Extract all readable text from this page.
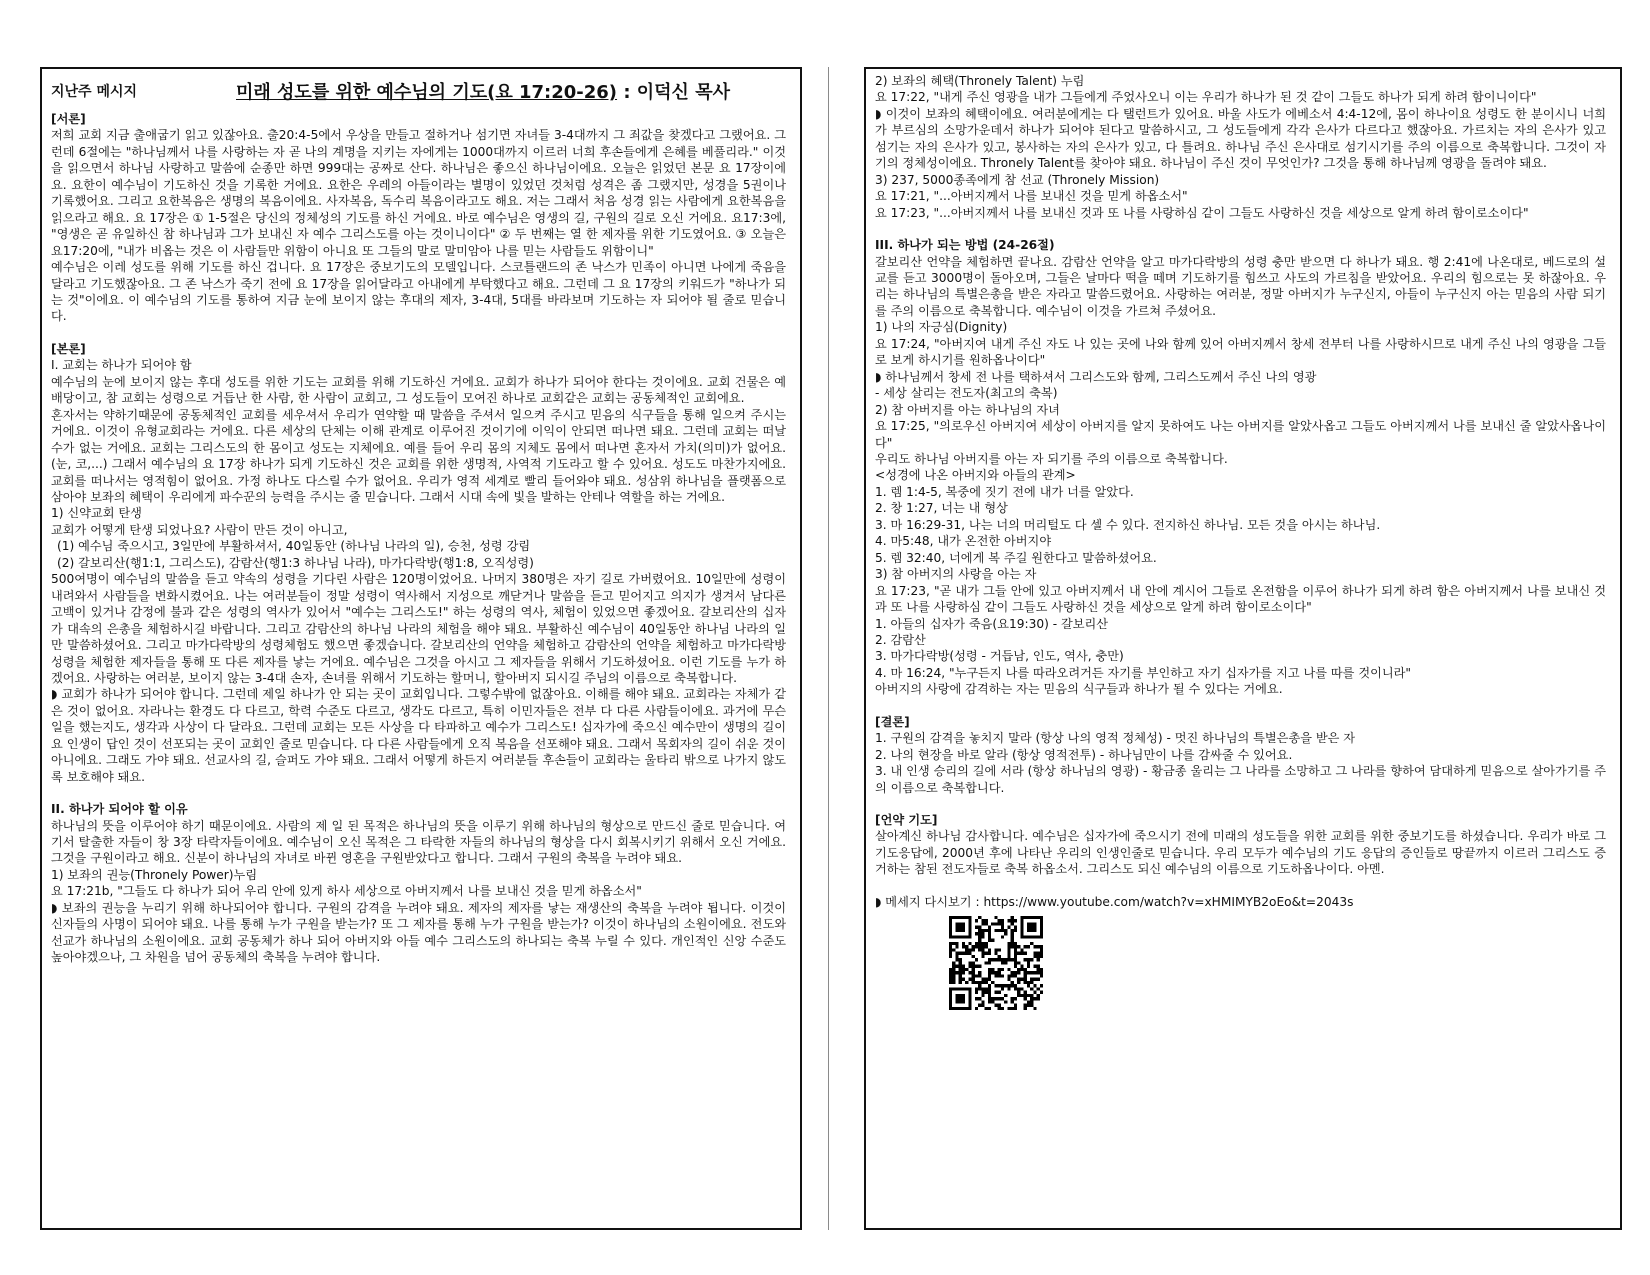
지난주 메시지	미래 성도를 위한 예수님의 기도(요 17:20-26) : 이덕신 목사

[서론]

저희 교회 지금 출애굽기 읽고 있잖아요. 출20:4-5에서 우상을 만들고 절하거나 섬기면 자녀들 3-4대까지 그 죄값을 찾겠다고 그랬어요. 그런데 6절에는 "하나님께서 나를 사랑하는 자 곧 나의 계명을 지키는 자에게는 1000대까지 이르러 너희 후손들에게 은혜를 베풀리라." 이것을 읽으면서 하나님 사랑하고 말씀에 순종만 하면 999대는 공짜로 산다. 하나님은 좋으신 하나님이에요. 오늘은 읽었던 본문 요 17장이에요. 요한이 예수님이 기도하신 것을 기록한 거에요. 요한은 우레의 아들이라는 별명이 있었던 것처럼 성격은 좀 그랬지만, 성경을 5권이나 기록했어요. 그리고 요한복음은 생명의 복음이에요. 사자복음, 독수리 복음이라고도 해요. 저는 그래서 처음 성경 읽는 사람에게 요한복음을 읽으라고 해요. 요 17장은 ① 1-5절은 당신의 정체성의 기도를 하신 거에요. 바로 예수님은 영생의 길, 구원의 길로 오신 거에요. 요17:3에, "영생은 곧 유일하신 참 하나님과 그가 보내신 자 예수 그리스도를 아는 것이니이다" ② 두 번째는 열 한 제자를 위한 기도였어요. ③ 오늘은 요17:20에, "내가 비옵는 것은 이 사람들만 위함이 아니요 또 그들의 말로 말미암아 나를 믿는 사람들도 위함이니"

예수님은 이레 성도를 위해 기도를 하신 겁니다. 요 17장은 중보기도의 모델입니다. 스코틀랜드의 존 낙스가 민족이 아니면 나에게 죽음을 달라고 기도했잖아요. 그 존 낙스가 죽기 전에 요 17장을 읽어달라고 아내에게 부탁했다고 해요. 그런데 그 요 17장의 키워드가 "하나가 되는 것"이에요. 이 예수님의 기도를 통하여 지금 눈에 보이지 않는 후대의 제자, 3-4대, 5대를 바라보며 기도하는 자 되어야 될 줄로 믿습니다.

[본론]

Ⅰ. 교회는 하나가 되어야 함

예수님의 눈에 보이지 않는 후대 성도를 위한 기도는 교회를 위해 기도하신 거에요. 교회가 하나가 되어야 한다는 것이에요. 교회 건물은 예배당이고, 참 교회는 성령으로 거듭난 한 사람, 한 사람이 교회고, 그 성도들이 모여진 하나로 교회같은 교회는 공동체적인 교회에요.

혼자서는 약하기때문에 공동체적인 교회를 세우셔서 우리가 연약할 때 말씀을 주셔서 일으켜 주시고 믿음의 식구들을 통해 일으켜 주시는 거에요. 이것이 유형교회라는 거에요. 다른 세상의 단체는 이해 관계로 이루어진 것이기에 이익이 안되면 떠나면 돼요. 그런데 교회는 떠날 수가 없는 거에요. 교회는 그리스도의 한 몸이고 성도는 지체에요. 예를 들어 우리 몸의 지체도 몸에서 떠나면 혼자서 가치(의미)가 없어요.(눈, 코,...) 그래서 예수님의 요 17장 하나가 되게 기도하신 것은 교회를 위한 생명적, 사역적 기도라고 할 수 있어요. 성도도 마찬가지에요. 교회를 떠나서는 영적힘이 없어요. 가정 하나도 다스릴 수가 없어요. 우리가 영적 세계로 빨리 들어와야 돼요. 성삼위 하나님을 플랫폼으로 삼아야 보좌의 혜택이 우리에게 파수꾼의 능력을 주시는 줄 믿습니다. 그래서 시대 속에 빛을 발하는 안테나 역할을 하는 거에요.

1) 신약교회 탄생

교회가 어떻게 탄생 되었나요? 사람이 만든 것이 아니고,

(1) 예수님 죽으시고, 3일만에 부활하셔서, 40일동안 (하나님 나라의 일), 승천, 성령 강림

(2) 갈보리산(행1:1, 그리스도), 감람산(행1:3 하나님 나라), 마가다락방(행1:8, 오직성령)

500여명이 예수님의 말씀을 듣고 약속의 성령을 기다린 사람은 120명이었어요. 나머지 380명은 자기 길로 가버렸어요. 10일만에 성령이 내려와서 사람들을 변화시켰어요. 나는 여러분들이 정말 성령이 역사해서 지성으로 깨닫거나 말씀을 듣고 믿어지고 의지가 생겨서 남다른 고백이 있거나 감정에 불과 같은 성령의 역사가 있어서 "예수는 그리스도!" 하는 성령의 역사, 체험이 있었으면 좋겠어요. 갈보리산의 십자가 대속의 은총을 체험하시길 바랍니다. 그리고 감람산의 하나님 나라의 체험을 해야 돼요. 부활하신 예수님이 40일동안 하나님 나라의 일만 말씀하셨어요. 그리고 마가다락방의 성령체험도 했으면 좋겠습니다. 갈보리산의 언약을 체험하고 감람산의 언약을 체험하고 마가다락방 성령을 체험한 제자들을 통해 또 다른 제자를 낳는 거에요. 예수님은 그것을 아시고 그 제자들을 위해서 기도하셨어요. 이런 기도를 누가 하겠어요. 사랑하는 여러분, 보이지 않는 3-4대 손자, 손녀를 위해서 기도하는 할머니, 할아버지 되시길 주님의 이름으로 축복합니다.

◗ 교회가 하나가 되어야 합니다. 그런데 제일 하나가 안 되는 곳이 교회입니다. 그렇수밖에 없잖아요. 이해를 해야 돼요. 교회라는 자체가 같은 것이 없어요. 자라나는 환경도 다 다르고, 학력 수준도 다르고, 생각도 다르고, 특히 이민자들은 전부 다 다른 사람들이에요. 과거에 무슨 일을 했는지도, 생각과 사상이 다 달라요. 그런데 교회는 모든 사상을 다 타파하고 예수가 그리스도! 십자가에 죽으신 예수만이 생명의 길이요 인생이 답인 것이 선포되는 곳이 교회인 줄로 믿습니다. 다 다른 사람들에게 오직 복음을 선포해야 돼요. 그래서 목회자의 길이 쉬운 것이 아니에요. 그래도 가야 돼요. 선교사의 길, 슬퍼도 가야 돼요. 그래서 어떻게 하든지 여러분들 후손들이 교회라는 울타리 밖으로 나가지 않도록 보호해야 돼요.

II. 하나가 되어야 할 이유

하나님의 뜻을 이루어야 하기 때문이에요. 사람의 제 일 된 목적은 하나님의 뜻을 이루기 위해 하나님의 형상으로 만드신 줄로 믿습니다. 여기서 탈출한 자들이 창 3장 타락자들이에요. 예수님이 오신 목적은 그 타락한 자들의 하나님의 형상을 다시 회복시키기 위해서 오신 거에요. 그것을 구원이라고 해요. 신분이 하나님의 자녀로 바뀐 영혼을 구원받았다고 합니다. 그래서 구원의 축복을 누려야 돼요.

1) 보좌의 권능(Thronely Power)누림

요 17:21b, "그들도 다 하나가 되어 우리 안에 있게 하사 세상으로 아버지께서 나를 보내신 것을 믿게 하옵소서"

◗ 보좌의 권능을 누리기 위해 하나되어야 합니다. 구원의 감격을 누려야 돼요. 제자의 제자를 낳는 재생산의 축복을 누려야 됩니다. 이것이 신자들의 사명이 되어야 돼요. 나를 통해 누가 구원을 받는가? 또 그 제자를 통해 누가 구원을 받는가? 이것이 하나님의 소원이에요. 전도와 선교가 하나님의 소원이에요. 교회 공동체가 하나 되어 아버지와 아들 예수 그리스도의 하나되는 축복 누릴 수 있다. 개인적인 신앙 수준도 높아야겠으나, 그 차원을 넘어 공동체의 축복을 누려야 합니다.

2) 보좌의 혜택(Thronely Talent) 누림

요 17:22, "내게 주신 영광을 내가 그들에게 주었사오니 이는 우리가 하나가 된 것 같이 그들도 하나가 되게 하려 함이니이다"

◗ 이것이 보좌의 혜택이에요. 여러분에게는 다 탤런트가 있어요. 바울 사도가 에베소서 4:4-12에, 몸이 하나이요 성령도 한 분이시니 너희가 부르심의 소망가운데서 하나가 되어야 된다고 말씀하시고, 그 성도들에게 각각 은사가 다르다고 했잖아요. 가르치는 자의 은사가 있고 섬기는 자의 은사가 있고, 봉사하는 자의 은사가 있고, 다 틀려요. 하나님 주신 은사대로 섬기시기를 주의 이름으로 축복합니다. 그것이 자기의 정체성이에요. Thronely Talent를 찾아야 돼요. 하나님이 주신 것이 무엇인가? 그것을 통해 하나님께 영광을 돌려야 돼요.

3) 237, 5000종족에게 참 선교 (Thronely Mission)

요 17:21, "...아버지께서 나를 보내신 것을 믿게 하옵소서"

요 17:23, "...아버지께서 나를 보내신 것과 또 나를 사랑하심 같이 그들도 사랑하신 것을 세상으로 알게 하려 함이로소이다"

III. 하나가 되는 방법 (24-26절)

갈보리산 언약을 체험하면 끝나요. 감람산 언약을 알고 마가다락방의 성령 충만 받으면 다 하나가 돼요. 행 2:41에 나온대로, 베드로의 설교를 듣고 3000명이 돌아오며, 그들은 날마다 떡을 떼며 기도하기를 힘쓰고 사도의 가르침을 받았어요. 우리의 힘으로는 못 하잖아요. 우리는 하나님의 특별은총을 받은 자라고 말씀드렸어요. 사랑하는 여러분, 정말 아버지가 누구신지, 아들이 누구신지 아는 믿음의 사람 되기를 주의 이름으로 축복합니다. 예수님이 이것을 가르쳐 주셨어요.

1) 나의 자긍심(Dignity)

요 17:24, "아버지여 내게 주신 자도 나 있는 곳에 나와 함께 있어 아버지께서 창세 전부터 나를 사랑하시므로 내게 주신 나의 영광을 그들로 보게 하시기를 원하옵나이다"

◗ 하나님께서 창세 전 나를 택하셔서 그리스도와 함께, 그리스도께서 주신 나의 영광

- 세상 살리는 전도자(최고의 축복)

2) 참 아버지를 아는 하나님의 자녀

요 17:25, "의로우신 아버지여 세상이 아버지를 알지 못하여도 나는 아버지를 알았사옵고 그들도 아버지께서 나를 보내신 줄 알았사옵나이다"

우리도 하나님 아버지를 아는 자 되기를 주의 이름으로 축복합니다.

<성경에 나온 아버지와 아들의 관계>

1. 렘 1:4-5, 복중에 짓기 전에 내가 너를 알았다.

2. 창 1:27, 너는 내 형상

3. 마 16:29-31, 나는 너의 머리털도 다 셀 수 있다. 전지하신 하나님. 모든 것을 아시는 하나님.

4. 마5:48, 내가 온전한 아버지야

5. 렘 32:40, 너에게 복 주길 원한다고 말씀하셨어요.

3) 참 아버지의 사랑을 아는 자

요 17:23, "곧 내가 그들 안에 있고 아버지께서 내 안에 계시어 그들로 온전함을 이루어 하나가 되게 하려 함은 아버지께서 나를 보내신 것과 또 나를 사랑하심 같이 그들도 사랑하신 것을 세상으로 알게 하려 함이로소이다"

1. 아들의 십자가 죽음(요19:30) - 갈보리산

2. 감람산

3. 마가다락방(성령 - 거듭남, 인도, 역사, 충만)

4. 마 16:24, "누구든지 나를 따라오려거든 자기를 부인하고 자기 십자가를 지고 나를 따를 것이니라"

아버지의 사랑에 감격하는 자는 믿음의 식구들과 하나가 될 수 있다는 거에요.

[결론]

1. 구원의 감격을 놓치지 말라 (항상 나의 영적 정체성) - 멋진 하나님의 특별은총을 받은 자

2. 나의 현장을 바로 알라 (항상 영적전투) - 하나님만이 나를 감싸줄 수 있어요.

3. 내 인생 승리의 길에 서라 (항상 하나님의 영광) - 황금종 울리는 그 나라를 소망하고 그 나라를 향하여 담대하게 믿음으로 살아가기를 주의 이름으로 축복합니다.

[언약 기도]

살아계신 하나님 감사합니다. 예수님은 십자가에 죽으시기 전에 미래의 성도들을 위한 교회를 위한 중보기도를 하셨습니다. 우리가 바로 그 기도응답에, 2000년 후에 나타난 우리의 인생인줄로 믿습니다. 우리 모두가 예수님의 기도 응답의 증인들로 땅끝까지 이르러 그리스도 증거하는 참된 전도자들로 축복 하옵소서. 그리스도 되신 예수님의 이름으로 기도하옵나이다. 아멘.

◗ 메세지 다시보기 : https://www.youtube.com/watch?v=xHMIMYB2oEo&t=2043s
